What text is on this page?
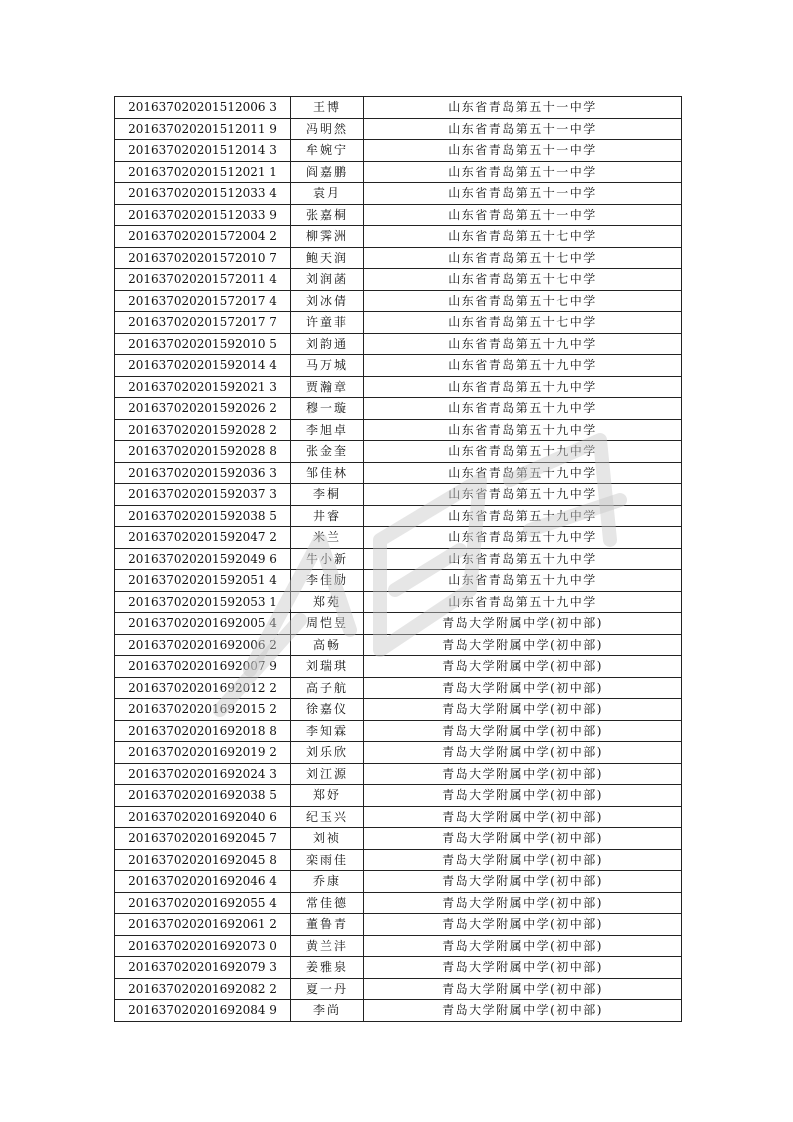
201637020201512006 3	王博	山东省青岛第五十一中学
201637020201512011 9	冯明然	山东省青岛第五十一中学
201637020201512014 3	牟婉宁	山东省青岛第五十一中学
201637020201512021 1	阎嘉鹏	山东省青岛第五十一中学
201637020201512033 4	袁月	山东省青岛第五十一中学
201637020201512033 9	张嘉桐	山东省青岛第五十一中学
201637020201572004 2	柳霁洲	山东省青岛第五十七中学
201637020201572010 7	鲍天润	山东省青岛第五十七中学
201637020201572011 4	刘润菡	山东省青岛第五十七中学
201637020201572017 4	刘冰倩	山东省青岛第五十七中学
201637020201572017 7	许童菲	山东省青岛第五十七中学
201637020201592010 5	刘韵通	山东省青岛第五十九中学
201637020201592014 4	马万城	山东省青岛第五十九中学
201637020201592021 3	贾瀚章	山东省青岛第五十九中学
201637020201592026 2	穆一璇	山东省青岛第五十九中学
201637020201592028 2	李旭卓	山东省青岛第五十九中学
201637020201592028 8	张金奎	山东省青岛第五十九中学
201637020201592036 3	邹佳林	山东省青岛第五十九中学
201637020201592037 3	李桐	山东省青岛第五十九中学
201637020201592038 5	井睿	山东省青岛第五十九中学
201637020201592047 2	米兰	山东省青岛第五十九中学
201637020201592049 6	牛小新	山东省青岛第五十九中学
201637020201592051 4	李佳励	山东省青岛第五十九中学
201637020201592053 1	郑苑	山东省青岛第五十九中学
201637020201692005 4	周恺昱	青岛大学附属中学(初中部)
201637020201692006 2	高畅	青岛大学附属中学(初中部)
201637020201692007 9	刘瑞琪	青岛大学附属中学(初中部)
201637020201692012 2	高子航	青岛大学附属中学(初中部)
201637020201692015 2	徐嘉仪	青岛大学附属中学(初中部)
201637020201692018 8	李知霖	青岛大学附属中学(初中部)
201637020201692019 2	刘乐欣	青岛大学附属中学(初中部)
201637020201692024 3	刘江源	青岛大学附属中学(初中部)
201637020201692038 5	郑妤	青岛大学附属中学(初中部)
201637020201692040 6	纪玉兴	青岛大学附属中学(初中部)
201637020201692045 7	刘祯	青岛大学附属中学(初中部)
201637020201692045 8	栾雨佳	青岛大学附属中学(初中部)
201637020201692046 4	乔康	青岛大学附属中学(初中部)
201637020201692055 4	常佳德	青岛大学附属中学(初中部)
201637020201692061 2	董鲁青	青岛大学附属中学(初中部)
201637020201692073 0	黄兰沣	青岛大学附属中学(初中部)
201637020201692079 3	姜雅泉	青岛大学附属中学(初中部)
201637020201692082 2	夏一丹	青岛大学附属中学(初中部)
201637020201692084 9	李尚	青岛大学附属中学(初中部)
